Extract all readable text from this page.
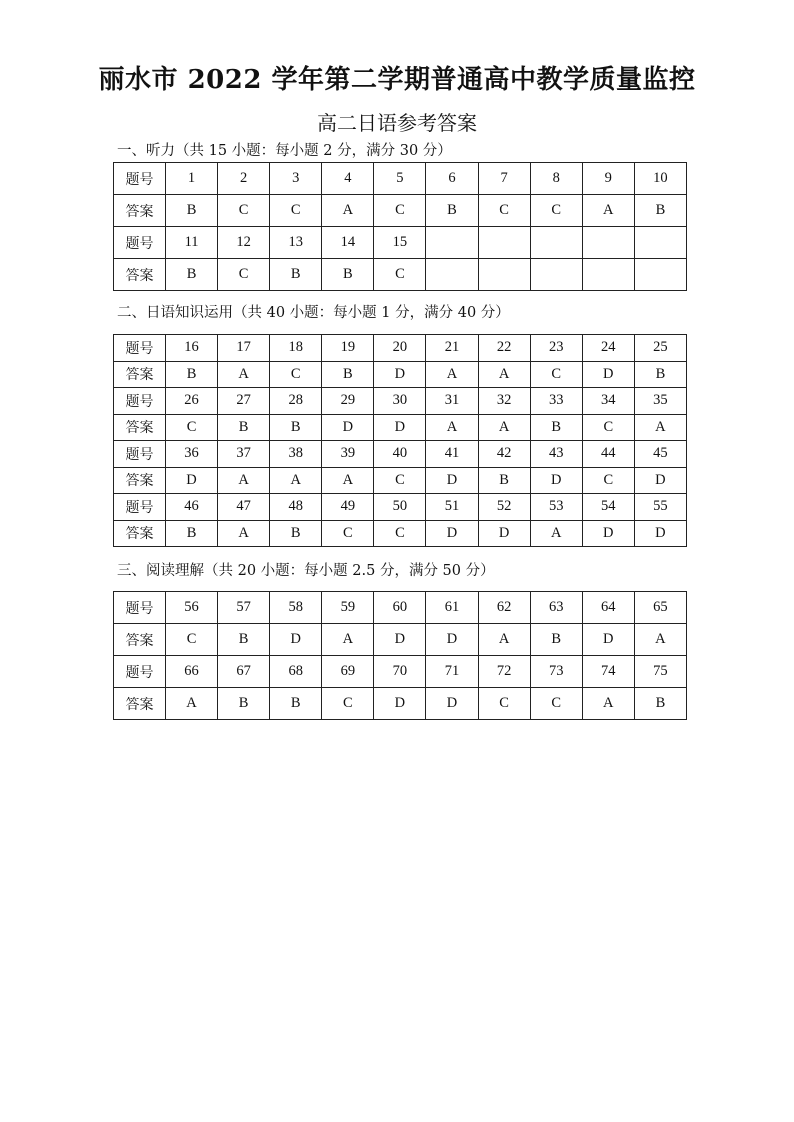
丽水市 2022 学年第二学期普通高中教学质量监控
高二日语参考答案
一、听力（共 15 小题：每小题 2 分，满分 30 分）
题号	1	2	3	4	5	6	7	8	9	10
答案	B	C	C	A	C	B	C	C	A	B
题号	11	12	13	14	15					
答案	B	C	B	B	C					
二、日语知识运用（共 40 小题：每小题 1 分，满分 40 分）
题号	16	17	18	19	20	21	22	23	24	25
答案	B	A	C	B	D	A	A	C	D	B
题号	26	27	28	29	30	31	32	33	34	35
答案	C	B	B	D	D	A	A	B	C	A
题号	36	37	38	39	40	41	42	43	44	45
答案	D	A	A	A	C	D	B	D	C	D
题号	46	47	48	49	50	51	52	53	54	55
答案	B	A	B	C	C	D	D	A	D	D
三、阅读理解（共 20 小题：每小题 2.5 分，满分 50 分）
题号	56	57	58	59	60	61	62	63	64	65
答案	C	B	D	A	D	D	A	B	D	A
题号	66	67	68	69	70	71	72	73	74	75
答案	A	B	B	C	D	D	C	C	A	B
